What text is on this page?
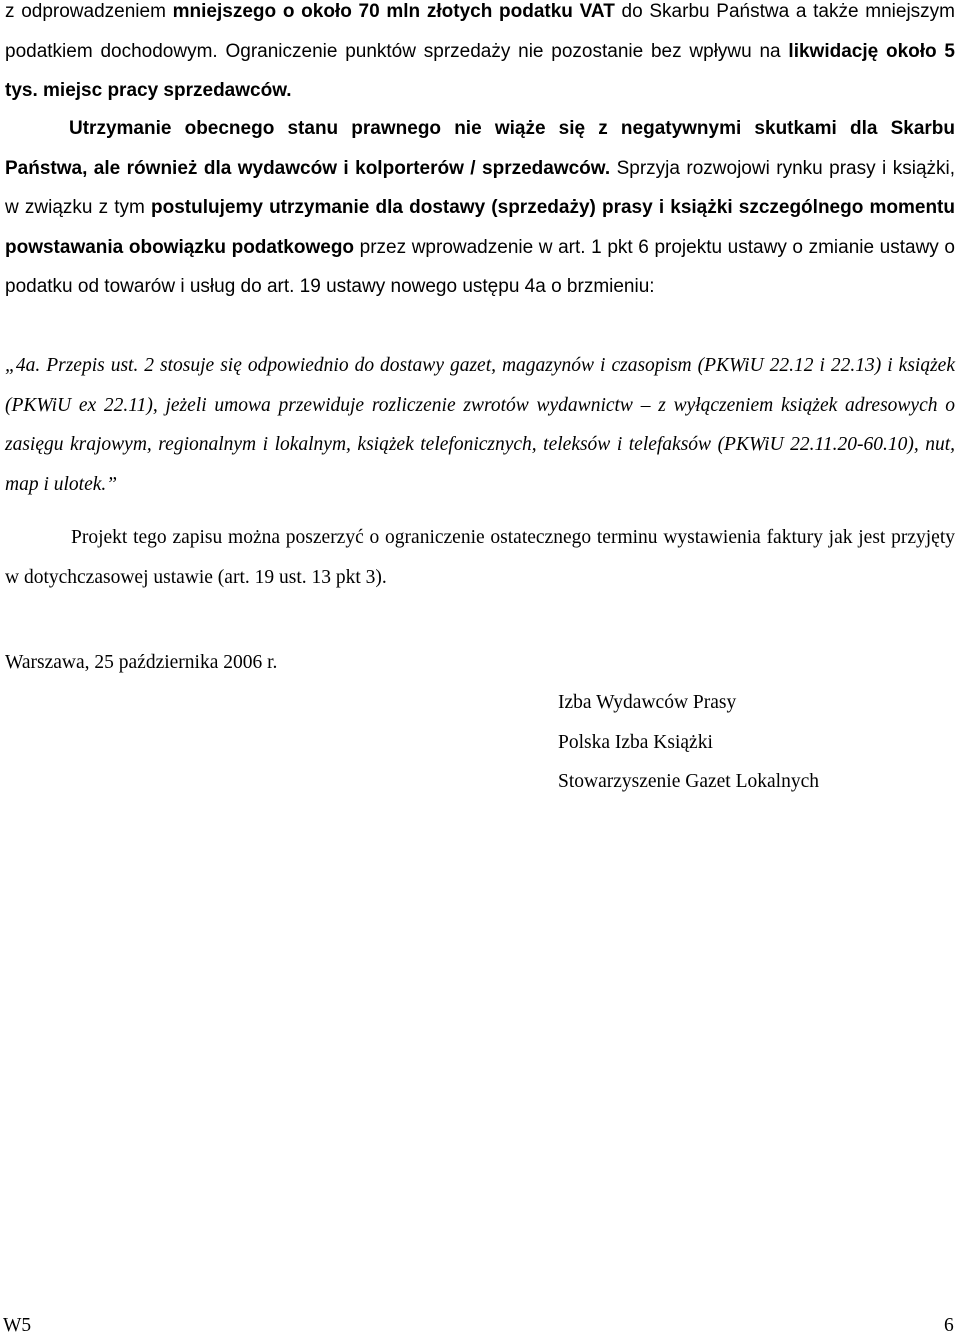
z odprowadzeniem mniejszego o około 70 mln złotych podatku VAT do Skarbu Państwa a także mniejszym podatkiem dochodowym. Ograniczenie punktów sprzedaży nie pozostanie bez wpływu na likwidację około 5 tys. miejsc pracy sprzedawców.

Utrzymanie obecnego stanu prawnego nie wiąże się z negatywnymi skutkami dla Skarbu Państwa, ale również dla wydawców i kolporterów / sprzedawców. Sprzyja rozwojowi rynku prasy i książki, w związku z tym postulujemy utrzymanie dla dostawy (sprzedaży) prasy i książki szczególnego momentu powstawania obowiązku podatkowego przez wprowadzenie w art. 1 pkt 6 projektu ustawy o zmianie ustawy o podatku od towarów i usług do art. 19 ustawy nowego ustępu 4a o brzmieniu:

„4a. Przepis ust. 2 stosuje się odpowiednio do dostawy gazet, magazynów i czasopism (PKWiU 22.12 i 22.13) i książek (PKWiU ex 22.11), jeżeli umowa przewiduje rozliczenie zwrotów wydawnictw – z wyłączeniem książek adresowych o zasięgu krajowym, regionalnym i lokalnym, książek telefonicznych, teleksów i telefaksów (PKWiU 22.11.20-60.10), nut, map i ulotek.”

Projekt tego zapisu można poszerzyć o ograniczenie ostatecznego terminu wystawienia faktury jak jest przyjęty w dotychczasowej ustawie (art. 19 ust. 13 pkt 3).

Warszawa, 25 października 2006 r.

Izba Wydawców Prasy

Polska Izba Książki

Stowarzyszenie Gazet Lokalnych

W5	6
